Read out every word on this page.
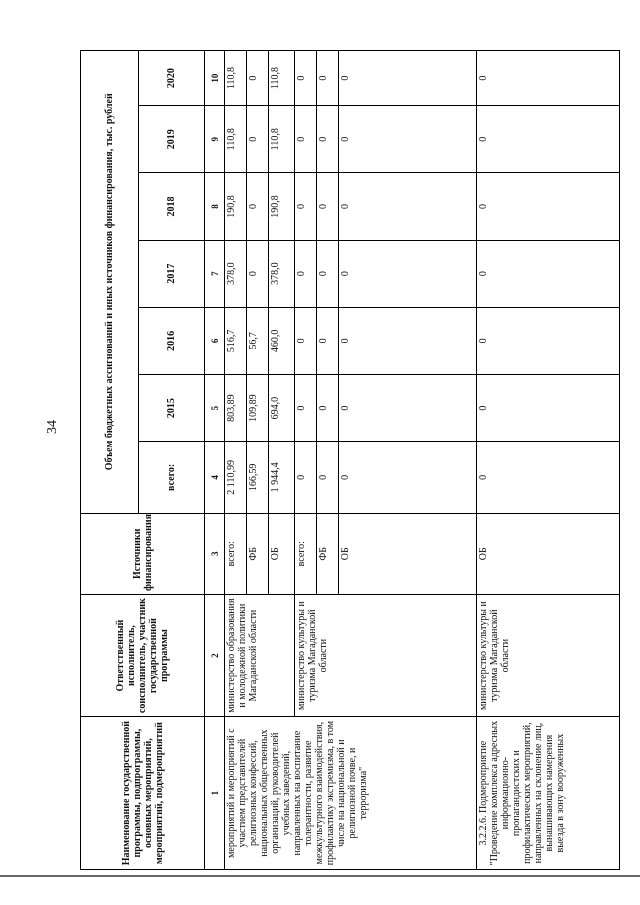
34
Наименование государственной программы, подпрограммы, основных мероприятий, мероприятий, подмероприятий	Ответственный исполнитель, соисполнитель, участник государственной программы	Источники финансирования	Объем бюджетных ассигнований и иных источников финансирования, тыс. рублей						
			всего:	2015	2016	2017	2018	2019	2020
1	2	3	4	5	6	7	8	9	10
мероприятий и мероприятий с участием представителей религиозных конфессий, национальных общественных организаций, руководителей учебных заведений, направленных на воспитание толерантности, развитие межкультурного взаимодействия, профилактику экстремизма, в том числе на национальной и религиозной почве, и терроризма"	министерство образования и молодежной политики Магаданской области	всего:	2 110,99	803,89	516,7	378,0	190,8	110,8	110,8
		ФБ	166,59	109,89	56,7	0	0	0	0
		ОБ	1 944,4	694,0	460,0	378,0	190,8	110,8	110,8
	министерство культуры и туризма Магаданской области	всего:	0	0	0	0	0	0	0
		ФБ	0	0	0	0	0	0	0
		ОБ	0	0	0	0	0	0	0
3.2.2.6. Подмероприятие "Проведение комплекса адресных информационно-пропагандистских и профилактических мероприятий, направленных на склонение лиц, вынашивающих намерения выезда в зону вооруженных	министерство культуры и туризма Магаданской области	ОБ	0	0	0	0	0	0	0
